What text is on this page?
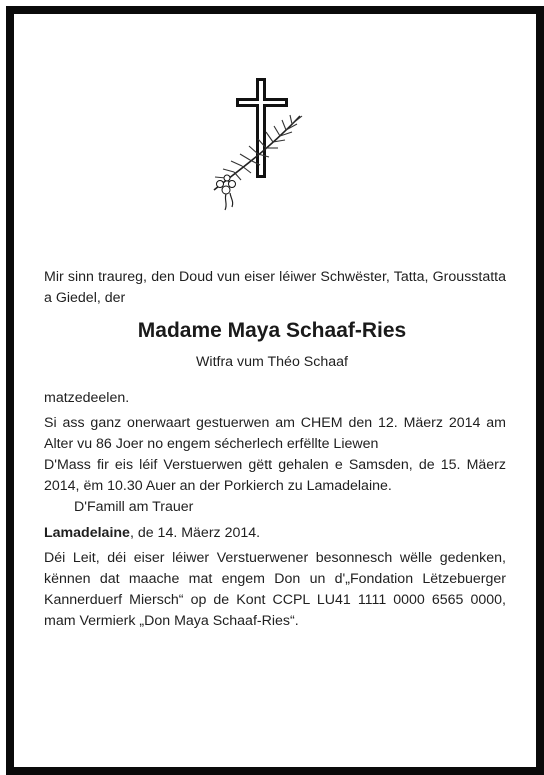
Mir sinn traureg, den Doud vun eiser léiwer Schwëster, Tatta, Grousstatta a Giedel, der
Madame Maya Schaaf-Ries
Witfra vum Théo Schaaf
matzedeelen.
Si ass ganz onerwaart gestuerwen am CHEM den 12. Mäerz 2014 am Alter vu 86 Joer no engem sécherlech erfëllte Liewen
D'Mass fir eis léif Verstuerwen gëtt gehalen e Samsden, de 15. Mäerz 2014, ëm 10.30 Auer an der Porkierch zu Lamadelaine.
D'Famill am Trauer
Lamadelaine, de 14. Mäerz 2014.
Déi Leit, déi eiser léiwer Verstuerwener besonnesch wëlle gedenken, kënnen dat maache mat engem Don un d'„Fondation Lëtzebuerger Kannerduerf Miersch“ op de Kont CCPL LU41 1111 0000 6565 0000, mam Vermierk „Don Maya Schaaf-Ries“.
